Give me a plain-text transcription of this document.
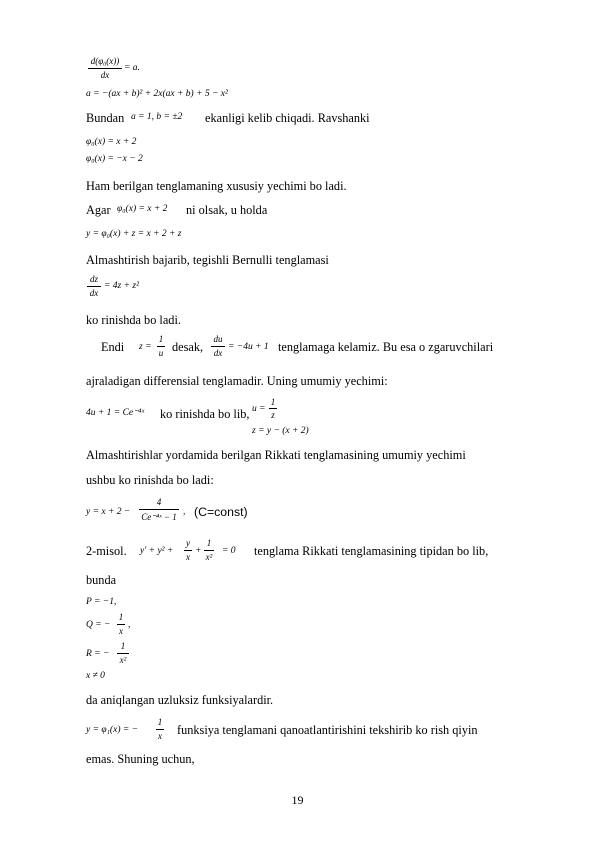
d(φ₀(x))
dx
= a.
a = −(ax + b)² + 2x(ax + b) + 5 − x²
Bundan a = 1, b = ±2 ekanligi kelib chiqadi. Ravshanki
φ₀(x) = x + 2
φ₀(x) = −x − 2
Ham berilgan tenglamaning xususiy yechimi bo ladi.
Agar φ₀(x) = x + 2 ni olsak, u holda
y = φ₀(x) + z = x + 2 + z
Almashtirish bajarib, tegishli Bernulli tenglamasi
dz
dx
= 4z + z²
ko rinishda bo ladi.
Endi z =
1
u desak,
du
dx
= −4u + 1 tenglamaga kelamiz. Bu esa o zgaruvchilari
ajraladigan differensial tenglamadir. Uning umumiy yechimi:
4u + 1 = Ce⁻⁴ˣ ko rinishda bo lib, u =
1
z
z = y − (x + 2)
Almashtirishlar yordamida berilgan Rikkati tenglamasining umumiy yechimi
ushbu ko rinishda bo ladi:
y = x + 2 −
4
Ce⁻⁴ˣ − 1 , (C=const)
2-misol. y′ + y² +
y
x
+
1
x²
= 0 tenglama Rikkati tenglamasining tipidan bo lib,
bunda
P = −1,
Q = −
1
x
,
R = −
1
x²
x ≠ 0
da aniqlangan uzluksiz funksiyalardir.
y = φ₁(x) = −
1
x funksiya tenglamani qanoatlantirishini tekshirib ko rish qiyin
emas. Shuning uchun,
19
